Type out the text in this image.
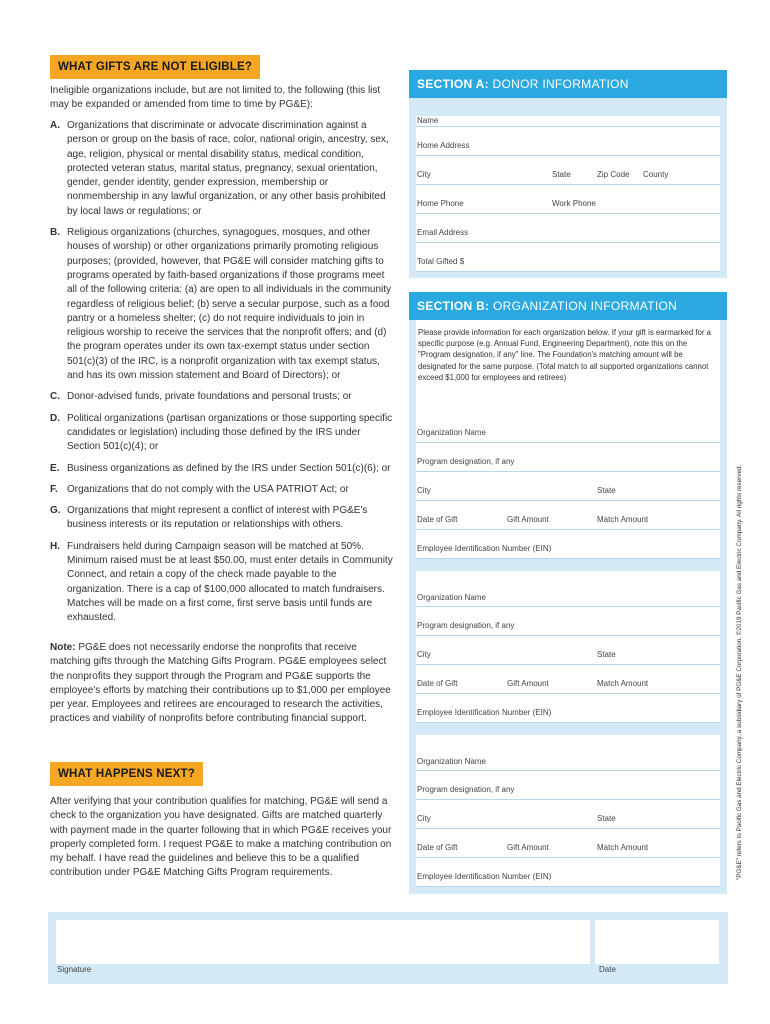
WHAT GIFTS ARE NOT ELIGIBLE?
Ineligible organizations include, but are not limited to, the following (this list may be expanded or amended from time to time by PG&E):
A. Organizations that discriminate or advocate discrimination against a person or group on the basis of race, color, national origin, ancestry, sex, age, religion, physical or mental disability status, medical condition, protected veteran status, marital status, pregnancy, sexual orientation, gender, gender identity, gender expression, membership or nonmembership in any lawful organization, or any other basis prohibited by local laws or regulations; or
B. Religious organizations (churches, synagogues, mosques, and other houses of worship) or other organizations primarily promoting religious purposes; (provided, however, that PG&E will consider matching gifts to programs operated by faith-based organizations if those programs meet all of the following criteria: (a) are open to all individuals in the community regardless of religious belief; (b) serve a secular purpose, such as a food pantry or a homeless shelter; (c) do not require individuals to join in religious worship to receive the services that the nonprofit offers; and (d) the program operates under its own tax-exempt status under section 501(c)(3) of the IRC, is a nonprofit organization with tax exempt status, and has its own mission statement and Board of Directors); or
C. Donor-advised funds, private foundations and personal trusts; or
D. Political organizations (partisan organizations or those supporting specific candidates or legislation) including those defined by the IRS under Section 501(c)(4); or
E. Business organizations as defined by the IRS under Section 501(c)(6); or
F. Organizations that do not comply with the USA PATRIOT Act; or
G. Organizations that might represent a conflict of interest with PG&E's business interests or its reputation or relationships with others.
H. Fundraisers held during Campaign season will be matched at 50%. Minimum raised must be at least $50.00, must enter details in Community Connect, and retain a copy of the check made payable to the organization. There is a cap of $100,000 allocated to match fundraisers. Matches will be made on a first come, first serve basis until funds are exhausted.
Note: PG&E does not necessarily endorse the nonprofits that receive matching gifts through the Matching Gifts Program. PG&E employees select the nonprofits they support through the Program and PG&E supports the employee's efforts by matching their contributions up to $1,000 per employee per year. Employees and retirees are encouraged to research the activities, practices and viability of nonprofits before contributing financial support.
WHAT HAPPENS NEXT?
After verifying that your contribution qualifies for matching, PG&E will send a check to the organization you have designated. Gifts are matched quarterly with payment made in the quarter following that in which PG&E receives your properly completed form. I request PG&E to make a matching contribution on my behalf. I have read the guidelines and believe this to be a qualified contribution under PG&E Matching Gifts Program requirements.
SECTION A: DONOR INFORMATION
Name
Home Address
City	State	Zip Code County
Home Phone	Work Phone
Email Address
Total Gifted $
SECTION B: ORGANIZATION INFORMATION
Please provide information for each organization below. If your gift is earmarked for a specific purpose (e.g. Annual Fund, Engineering Department), note this on the "Program designation, if any" line. The Foundation's matching amount will be designated for the same purpose. (Total match to all supported organizations cannot exceed $1,000 for employees and retirees)
Organization Name
Program designation, if any
City	State
Date of Gift	Gift Amount	Match Amount
Employee Identification Number (EIN)
Organization Name
Program designation, if any
City	State
Date of Gift	Gift Amount	Match Amount
Employee Identification Number (EIN)
Organization Name
Program designation, if any
City	State
Date of Gift	Gift Amount	Match Amount
Employee Identification Number (EIN)	"PG&E" refers to Pacific Gas and Electric Company, a subsidiary of PG&E Corporation. ©2019 Pacific Gas and Electric Company. All rights reserved.
Signature	Date
